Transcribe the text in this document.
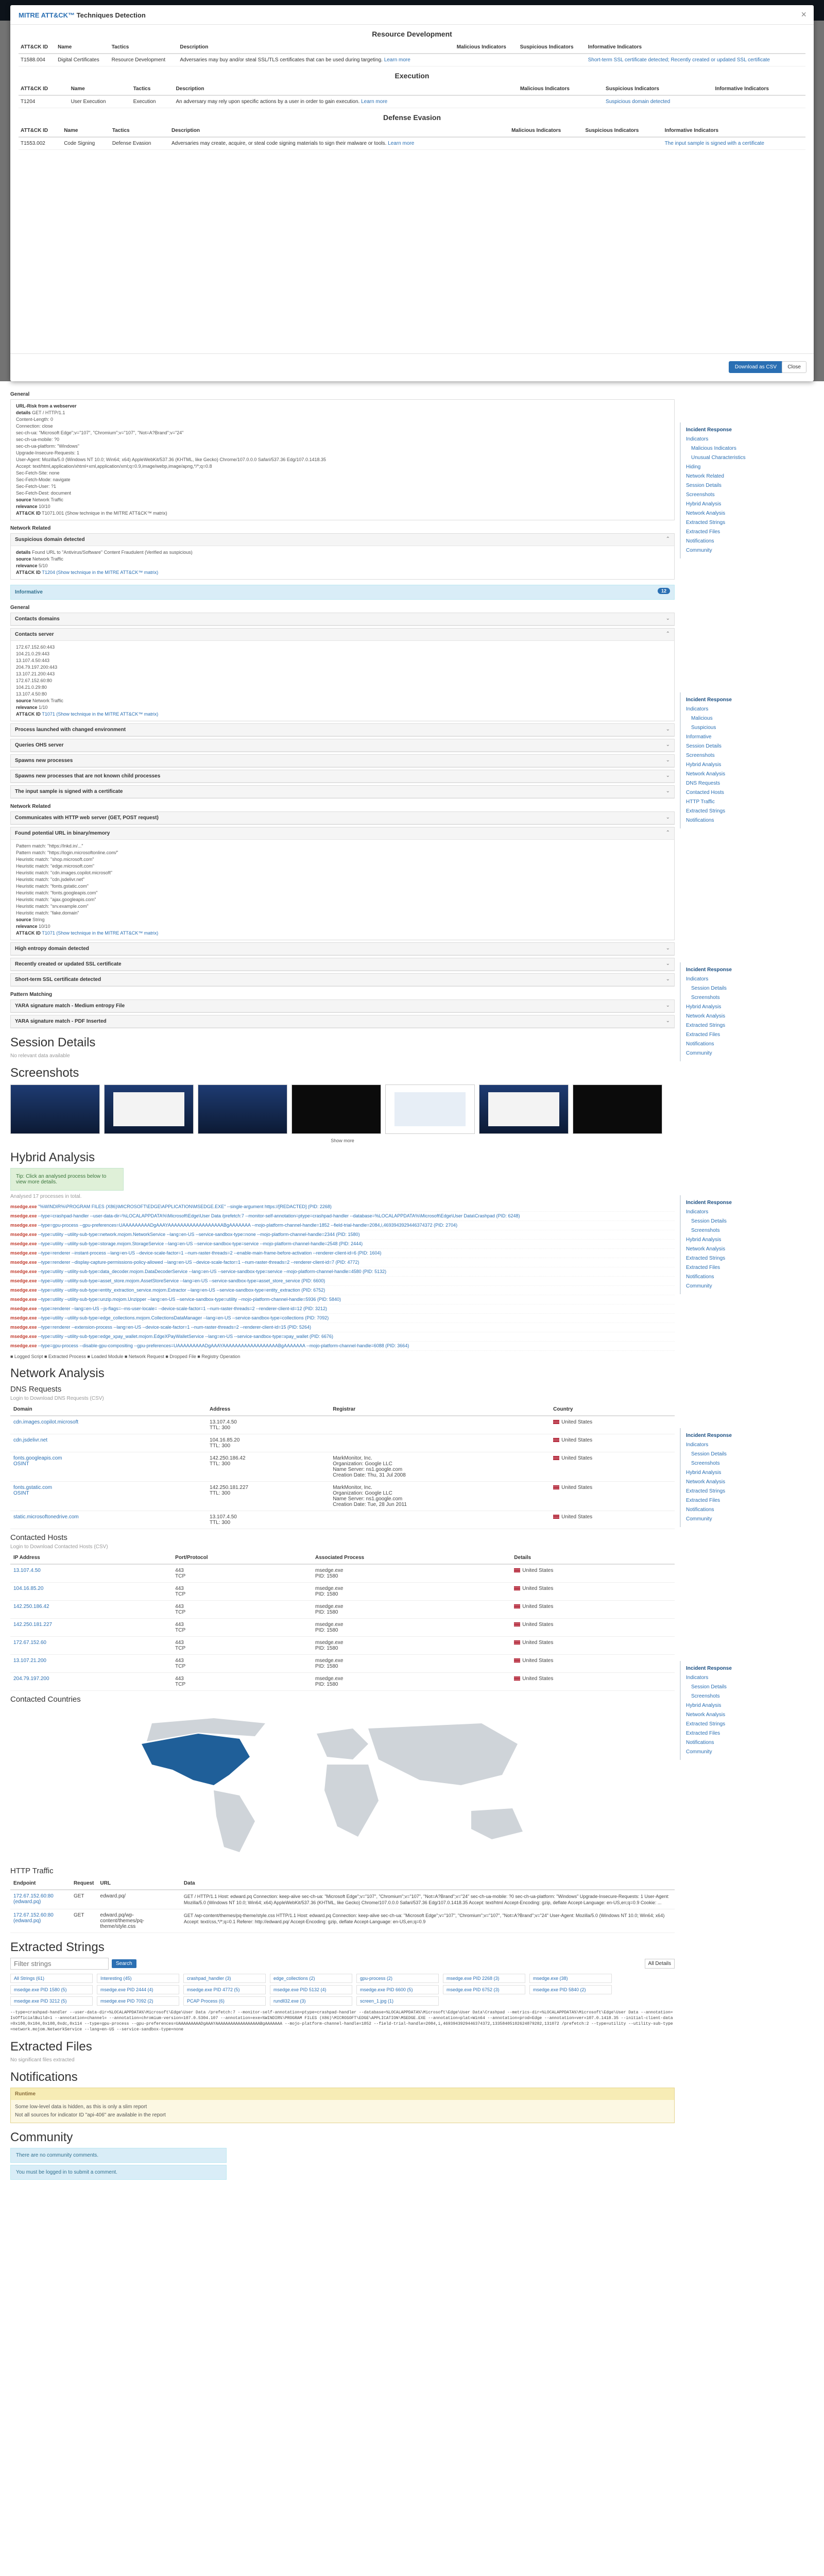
General
URL-Risk from a webserver
details GET / HTTP/1.1
Content-Length: 0
Connection: close
sec-ch-ua: "Microsoft Edge";v="107", "Chromium";v="107", "Not=A?Brand";v="24"
sec-ch-ua-mobile: ?0
sec-ch-ua-platform: "Windows"
Upgrade-Insecure-Requests: 1
User-Agent: Mozilla/5.0 (Windows NT 10.0; Win64; x64) AppleWebKit/537.36 (KHTML, like Gecko) Chrome/107.0.0.0 Safari/537.36 Edg/107.0.1418.35
Accept: text/html,application/xhtml+xml,application/xml;q=0.9,image/webp,image/apng,*/*;q=0.8
Sec-Fetch-Site: none
Sec-Fetch-Mode: navigate
Sec-Fetch-User: ?1
Sec-Fetch-Dest: document
source Network Traffic
relevance 10/10
ATT&CK ID T1071.001 (Show technique in the MITRE ATT&CK™ matrix)
Network Related
Suspicious domain detected	⌃
details Found URL to "Antivirus/Software" Content Fraudulent (Verified as suspicious)
source Network Traffic
relevance 5/10
ATT&CK ID T1204 (Show technique in the MITRE ATT&CK™ matrix)
Informative	12
General
Contacts domains	⌄
Contacts server	⌃
172.67.152.60:443
104.21.0.29:443
13.107.4.50:443
204.79.197.200:443
13.107.21.200:443
172.67.152.60:80
104.21.0.29:80
13.107.4.50:80
source Network Traffic
relevance 1/10
ATT&CK ID T1071 (Show technique in the MITRE ATT&CK™ matrix)
Process launched with changed environment	⌄
Queries OHS server	⌄
Spawns new processes	⌄
Spawns new processes that are not known child processes	⌄
The input sample is signed with a certificate	⌄
Network Related
Communicates with HTTP web server (GET, POST request)	⌄
Found potential URL in binary/memory	⌃
Pattern match: "https://lnkd.in/..."
Pattern match: "https://login.microsoftonline.com/"
Heuristic match: "shop.microsoft.com"
Heuristic match: "edge.microsoft.com"
Heuristic match: "cdn.images.copilot.microsoft"
Heuristic match: "cdn.jsdelivr.net"
Heuristic match: "fonts.gstatic.com"
Heuristic match: "fonts.googleapis.com"
Heuristic match: "ajax.googleapis.com"
Heuristic match: "srv.example.com"
Heuristic match: "fake.domain"
source String
relevance 10/10
ATT&CK ID T1071 (Show technique in the MITRE ATT&CK™ matrix)
High entropy domain detected	⌄
Recently created or updated SSL certificate	⌄
Short-term SSL certificate detected	⌄
Pattern Matching
YARA signature match - Medium entropy File	⌄
YARA signature match - PDF Inserted	⌄
Session Details
No relevant data available
Screenshots
Show more
Hybrid Analysis
Tip: Click an analysed process below to view more details.
Analysed 17 processes in total.
msedge.exe "%WINDIR%\PROGRAM FILES (X86)\MICROSOFT\EDGE\APPLICATION\MSEDGE.EXE" --single-argument https://[REDACTED] (PID: 2268)
msedge.exe --type=crashpad-handler --user-data-dir=%LOCALAPPDATA%\Microsoft\Edge\User Data /prefetch:7 --monitor-self-annotation=ptype=crashpad-handler --database=%LOCALAPPDATA%\Microsoft\Edge\User Data\Crashpad (PID: 6248)
msedge.exe --type=gpu-process --gpu-preferences=UAAAAAAAAADgAAAYAAAAAAAAAAAAAAAAAABgAAAAAAA --mojo-platform-channel-handle=1852 --field-trial-handle=2084,i,4693943929446374372 (PID: 2704)
msedge.exe --type=utility --utility-sub-type=network.mojom.NetworkService --lang=en-US --service-sandbox-type=none --mojo-platform-channel-handle=2344 (PID: 1580)
msedge.exe --type=utility --utility-sub-type=storage.mojom.StorageService --lang=en-US --service-sandbox-type=service --mojo-platform-channel-handle=2548 (PID: 2444)
msedge.exe --type=renderer --instant-process --lang=en-US --device-scale-factor=1 --num-raster-threads=2 --enable-main-frame-before-activation --renderer-client-id=6 (PID: 1604)
msedge.exe --type=renderer --display-capture-permissions-policy-allowed --lang=en-US --device-scale-factor=1 --num-raster-threads=2 --renderer-client-id=7 (PID: 4772)
msedge.exe --type=utility --utility-sub-type=data_decoder.mojom.DataDecoderService --lang=en-US --service-sandbox-type=service --mojo-platform-channel-handle=4580 (PID: 5132)
msedge.exe --type=utility --utility-sub-type=asset_store.mojom.AssetStoreService --lang=en-US --service-sandbox-type=asset_store_service (PID: 6600)
msedge.exe --type=utility --utility-sub-type=entity_extraction_service.mojom.Extractor --lang=en-US --service-sandbox-type=entity_extraction (PID: 6752)
msedge.exe --type=utility --utility-sub-type=unzip.mojom.Unzipper --lang=en-US --service-sandbox-type=utility --mojo-platform-channel-handle=5936 (PID: 5840)
msedge.exe --type=renderer --lang=en-US --js-flags=--ms-user-locale= --device-scale-factor=1 --num-raster-threads=2 --renderer-client-id=12 (PID: 3212)
msedge.exe --type=utility --utility-sub-type=edge_collections.mojom.CollectionsDataManager --lang=en-US --service-sandbox-type=collections (PID: 7092)
msedge.exe --type=renderer --extension-process --lang=en-US --device-scale-factor=1 --num-raster-threads=2 --renderer-client-id=15 (PID: 5264)
msedge.exe --type=utility --utility-sub-type=edge_xpay_wallet.mojom.EdgeXPayWalletService --lang=en-US --service-sandbox-type=xpay_wallet (PID: 6676)
msedge.exe --type=gpu-process --disable-gpu-compositing --gpu-preferences=UAAAAAAAAADgAAAYAAAAAAAAAAAAAAAAAABgAAAAAAA --mojo-platform-channel-handle=6088 (PID: 3664)
■ Logged Script ■ Extracted Process ■ Loaded Module ■ Network Request ■ Dropped File ■ Registry Operation
Network Analysis
DNS Requests
Login to Download DNS Requests (CSV)
Domain	Address	Registrar	Country
cdn.images.copilot.microsoft	13.107.4.50
TTL: 300		United States
cdn.jsdelivr.net	104.16.85.20
TTL: 300		United States
fonts.googleapis.com
OSINT	142.250.186.42
TTL: 300	MarkMonitor, Inc.
Organization: Google LLC
Name Server: ns1.google.com
Creation Date: Thu, 31 Jul 2008	United States
fonts.gstatic.com
OSINT	142.250.181.227
TTL: 300	MarkMonitor, Inc.
Organization: Google LLC
Name Server: ns1.google.com
Creation Date: Tue, 28 Jun 2011	United States
static.microsoftonedrive.com	13.107.4.50
TTL: 300		United States
Contacted Hosts
Login to Download Contacted Hosts (CSV)
IP Address	Port/Protocol	Associated Process	Details
13.107.4.50	443
TCP	msedge.exe
PID: 1580	United States
104.16.85.20	443
TCP	msedge.exe
PID: 1580	United States
142.250.186.42	443
TCP	msedge.exe
PID: 1580	United States
142.250.181.227	443
TCP	msedge.exe
PID: 1580	United States
172.67.152.60	443
TCP	msedge.exe
PID: 1580	United States
13.107.21.200	443
TCP	msedge.exe
PID: 1580	United States
204.79.197.200	443
TCP	msedge.exe
PID: 1580	United States
Contacted Countries
HTTP Traffic
Endpoint	Request	URL	Data
172.67.152.60:80 (edward.pq)	GET	edward.pq/	GET / HTTP/1.1 Host: edward.pq Connection: keep-alive sec-ch-ua: "Microsoft Edge";v="107", "Chromium";v="107", "Not=A?Brand";v="24" sec-ch-ua-mobile: ?0 sec-ch-ua-platform: "Windows" Upgrade-Insecure-Requests: 1 User-Agent: Mozilla/5.0 (Windows NT 10.0; Win64; x64) AppleWebKit/537.36 (KHTML, like Gecko) Chrome/107.0.0.0 Safari/537.36 Edg/107.0.1418.35 Accept: text/html Accept-Encoding: gzip, deflate Accept-Language: en-US,en;q=0.9 Cookie: ...
172.67.152.60:80 (edward.pq)	GET	edward.pq/wp-content/themes/pq-theme/style.css	GET /wp-content/themes/pq-theme/style.css HTTP/1.1 Host: edward.pq Connection: keep-alive sec-ch-ua: "Microsoft Edge";v="107", "Chromium";v="107", "Not=A?Brand";v="24" User-Agent: Mozilla/5.0 (Windows NT 10.0; Win64; x64) Accept: text/css,*/*;q=0.1 Referer: http://edward.pq/ Accept-Encoding: gzip, deflate Accept-Language: en-US,en;q=0.9
Extracted Strings
Filter strings
Search	All Details
All Strings (61)	Interesting (45)	crashpad_handler (3)	edge_collections (2)	gpu-process (2)	msedge.exe PID 2268 (3)	msedge.exe (38)
msedge.exe PID 1580 (5)	msedge.exe PID 2444 (4)	msedge.exe PID 4772 (5)	msedge.exe PID 5132 (4)	msedge.exe PID 6600 (5)	msedge.exe PID 6752 (3)	msedge.exe PID 5840 (2)
msedge.exe PID 3212 (5)	msedge.exe PID 7092 (2)	PCAP Process (6)	rundll32.exe (3)	screen_1.jpg (1)
--type=crashpad-handler --user-data-dir=%LOCALAPPDATA%\Microsoft\Edge\User Data /prefetch:7 --monitor-self-annotation=ptype=crashpad-handler --database=%LOCALAPPDATA%\Microsoft\Edge\User Data\Crashpad --metrics-dir=%LOCALAPPDATA%\Microsoft\Edge\User Data --annotation=IsOfficialBuild=1 --annotation=channel= --annotation=chromium-version=107.0.5304.107 --annotation=exe=%WINDIR%\PROGRAM FILES (X86)\MICROSOFT\EDGE\APPLICATION\MSEDGE.EXE --annotation=plat=Win64 --annotation=prod=Edge --annotation=ver=107.0.1418.35 --initial-client-data=0x100,0x104,0x108,0xdc,0x114 --type=gpu-process --gpu-preferences=UAAAAAAAAADgAAAYAAAAAAAAAAAAAAAAAABgAAAAAAA --mojo-platform-channel-handle=1852 --field-trial-handle=2084,i,4693943929446374372,13358405102624879282,131072 /prefetch:2 --type=utility --utility-sub-type=network.mojom.NetworkService --lang=en-US --service-sandbox-type=none
Extracted Files
No significant files extracted
Notifications
Runtime
Some low-level data is hidden, as this is only a slim report
Not all sources for indicator ID "api-406" are available in the report
Community
There are no community comments.
You must be logged in to submit a comment.
Incident Response
Indicators
Malicious Indicators
Unusual Characteristics
Hiding
Network Related
Session Details
Screenshots
Hybrid Analysis
Network Analysis
Extracted Strings
Extracted Files
Notifications
Community
Incident Response
Indicators
Malicious
Suspicious
Informative
Session Details
Screenshots
Hybrid Analysis
Network Analysis
DNS Requests
Contacted Hosts
HTTP Traffic
Extracted Strings
Notifications
Incident Response
Indicators
Session Details
Screenshots
Hybrid Analysis
Network Analysis
Extracted Strings
Extracted Files
Notifications
Community
Incident Response
Indicators
Session Details
Screenshots
Hybrid Analysis
Network Analysis
Extracted Strings
Extracted Files
Notifications
Community
Incident Response
Indicators
Session Details
Screenshots
Hybrid Analysis
Network Analysis
Extracted Strings
Extracted Files
Notifications
Community
Incident Response
Indicators
Session Details
Screenshots
Hybrid Analysis
Network Analysis
Extracted Strings
Extracted Files
Notifications
Community
MITRE ATT&CK™ Techniques Detection	×
Resource Development
ATT&CK ID	Name	Tactics	Description	Malicious Indicators	Suspicious Indicators	Informative Indicators
T1588.004	Digital Certificates	Resource Development	Adversaries may buy and/or steal SSL/TLS certificates that can be used during targeting. Learn more			Short-term SSL certificate detected; Recently created or updated SSL certificate
Execution
ATT&CK ID	Name	Tactics	Description	Malicious Indicators	Suspicious Indicators	Informative Indicators
T1204	User Execution	Execution	An adversary may rely upon specific actions by a user in order to gain execution. Learn more		Suspicious domain detected	
Defense Evasion
ATT&CK ID	Name	Tactics	Description	Malicious Indicators	Suspicious Indicators	Informative Indicators
T1553.002	Code Signing	Defense Evasion	Adversaries may create, acquire, or steal code signing materials to sign their malware or tools. Learn more			The input sample is signed with a certificate
Download as CSV	Close
